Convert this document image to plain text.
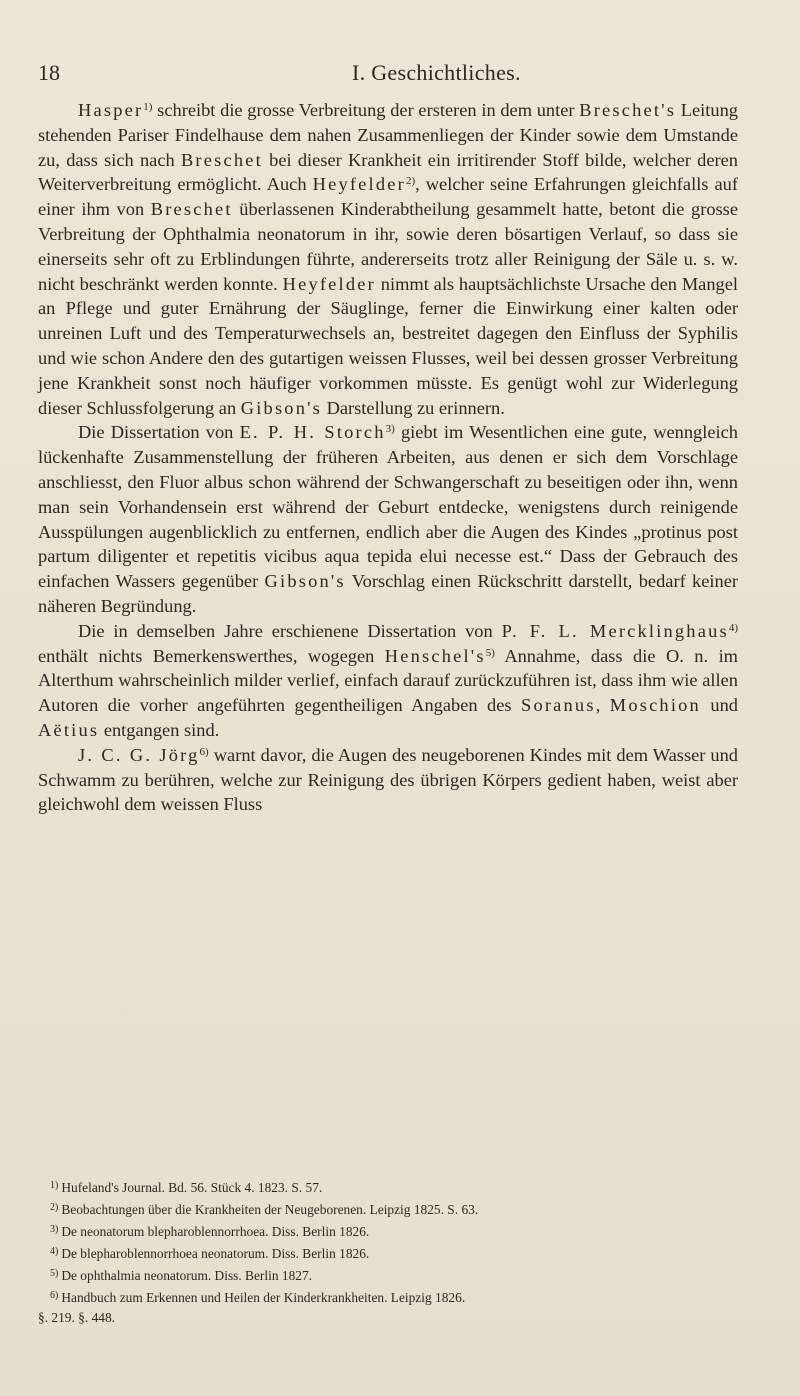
18	I. Geschichtliches.

Hasper$^{1)}$ schreibt die grosse Verbreitung der ersteren in dem unter Breschet's Leitung stehenden Pariser Findelhause dem nahen Zusammenliegen der Kinder sowie dem Umstande zu, dass sich nach Breschet bei dieser Krankheit ein irritirender Stoff bilde, welcher deren Weiterverbreitung ermöglicht. Auch Heyfelder$^{2)}$, welcher seine Erfahrungen gleichfalls auf einer ihm von Breschet überlassenen Kinderabtheilung gesammelt hatte, betont die grosse Verbreitung der Ophthalmia neonatorum in ihr, sowie deren bösartigen Verlauf, so dass sie einerseits sehr oft zu Erblindungen führte, andererseits trotz aller Reinigung der Säle u. s. w. nicht beschränkt werden konnte. Heyfelder nimmt als hauptsächlichste Ursache den Mangel an Pflege und guter Ernährung der Säuglinge, ferner die Einwirkung einer kalten oder unreinen Luft und des Temperaturwechsels an, bestreitet dagegen den Einfluss der Syphilis und wie schon Andere den des gutartigen weissen Flusses, weil bei dessen grosser Verbreitung jene Krankheit sonst noch häufiger vorkommen müsste. Es genügt wohl zur Widerlegung dieser Schlussfolgerung an Gibson's Darstellung zu erinnern.

Die Dissertation von E. P. H. Storch$^{3)}$ giebt im Wesentlichen eine gute, wenngleich lückenhafte Zusammenstellung der früheren Arbeiten, aus denen er sich dem Vorschlage anschliesst, den Fluor albus schon während der Schwangerschaft zu beseitigen oder ihn, wenn man sein Vorhandensein erst während der Geburt entdecke, wenigstens durch reinigende Ausspülungen augenblicklich zu entfernen, endlich aber die Augen des Kindes „protinus post partum diligenter et repetitis vicibus aqua tepida elui necesse est.“ Dass der Gebrauch des einfachen Wassers gegenüber Gibson's Vorschlag einen Rückschritt darstellt, bedarf keiner näheren Begründung.

Die in demselben Jahre erschienene Dissertation von P. F. L. Mercklinghaus$^{4)}$ enthält nichts Bemerkenswerthes, wogegen $Henschel's^{5)}$ Annahme, dass die O. n. im Alterthum wahrscheinlich milder verlief, einfach darauf zurückzuführen ist, dass ihm wie allen Autoren die vorher angeführten gegentheiligen Angaben des Soranus, Moschion und Aëtius entgangen sind.

J. C. G. Jörg$^{6)}$ warnt davor, die Augen des neugeborenen Kindes mit dem Wasser und Schwamm zu berühren, welche zur Reinigung des übrigen Körpers gedient haben, weist aber gleichwohl dem weissen Fluss

1) Hufeland's Journal. Bd. 56. Stück 4. 1823. S. 57.
2) Beobachtungen über die Krankheiten der Neugeborenen. Leipzig 1825. S. 63.
3) De neonatorum blepharoblennorrhoea. Diss. Berlin 1826.
4) De blepharoblennorrhoea neonatorum. Diss. Berlin 1826.
5) De ophthalmia neonatorum. Diss. Berlin 1827.
6) Handbuch zum Erkennen und Heilen der Kinderkrankheiten. Leipzig 1826.
§. 219. §. 448.
